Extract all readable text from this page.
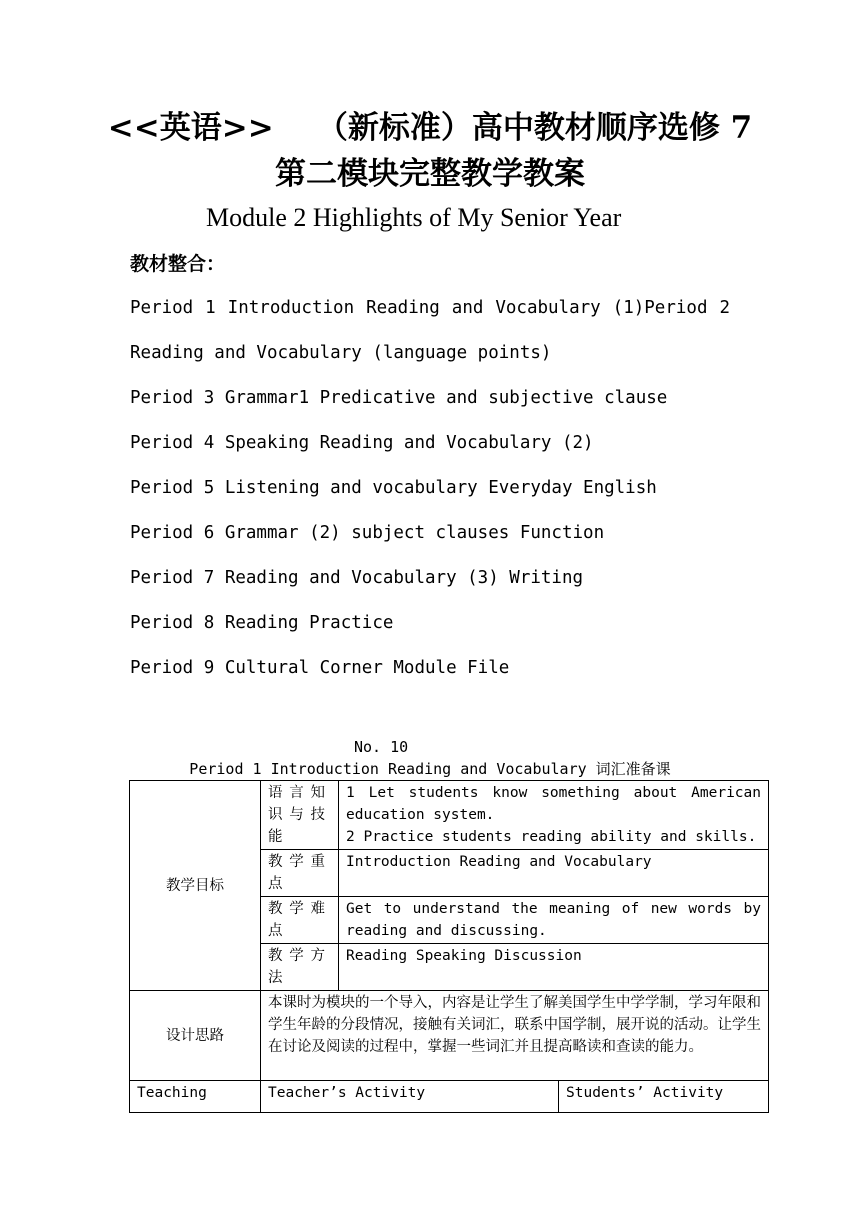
<<英语>>    （新标准）高中教材顺序选修 7
第二模块完整教学教案
Module 2 Highlights of My Senior Year
教材整合：
Period 1 Introduction Reading and Vocabulary (1)Period 2
Reading and Vocabulary (language points)
Period 3 Grammar1 Predicative and subjective clause
Period 4 Speaking Reading and Vocabulary (2)
Period 5 Listening and vocabulary Everyday English
Period 6 Grammar (2) subject clauses Function
Period 7 Reading and Vocabulary (3) Writing
Period 8 Reading Practice
Period 9 Cultural Corner Module File
No. 10
Period 1 Introduction Reading and Vocabulary 词汇准备课
教学目标	语言知识与技能	1 Let students know something about American education system.
2 Practice students reading ability and skills.	

	教学重点	Introduction Reading and Vocabulary	

	教学难点	Get to understand the meaning of new words by reading and discussing.	

	教学方法	Reading Speaking Discussion	

设计思路	本课时为模块的一个导入，内容是让学生了解美国学生中学学制，学习年限和学生年龄的分段情况，接触有关词汇，联系中国学制，展开说的活动。让学生在讨论及阅读的过程中，掌握一些词汇并且提高略读和查读的能力。		
Teaching	Teacher’s Activity		Students’ Activity
